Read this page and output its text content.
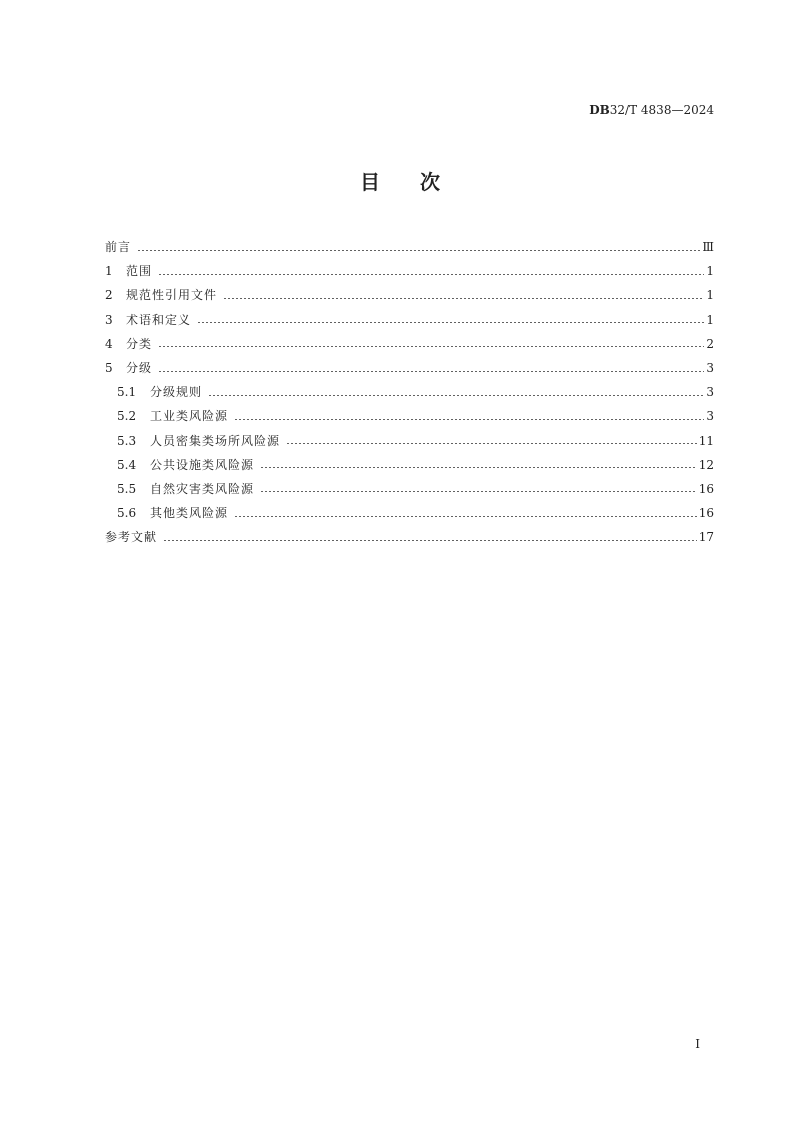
DB32/T 4838—2024
目次
前言	Ⅲ
1	范围	1
2	规范性引用文件	1
3	术语和定义	1
4	分类	2
5	分级	3
5.1	分级规则	3
5.2	工业类风险源	3
5.3	人员密集类场所风险源	11
5.4	公共设施类风险源	12
5.5	自然灾害类风险源	16
5.6	其他类风险源	16
参考文献	17
I
